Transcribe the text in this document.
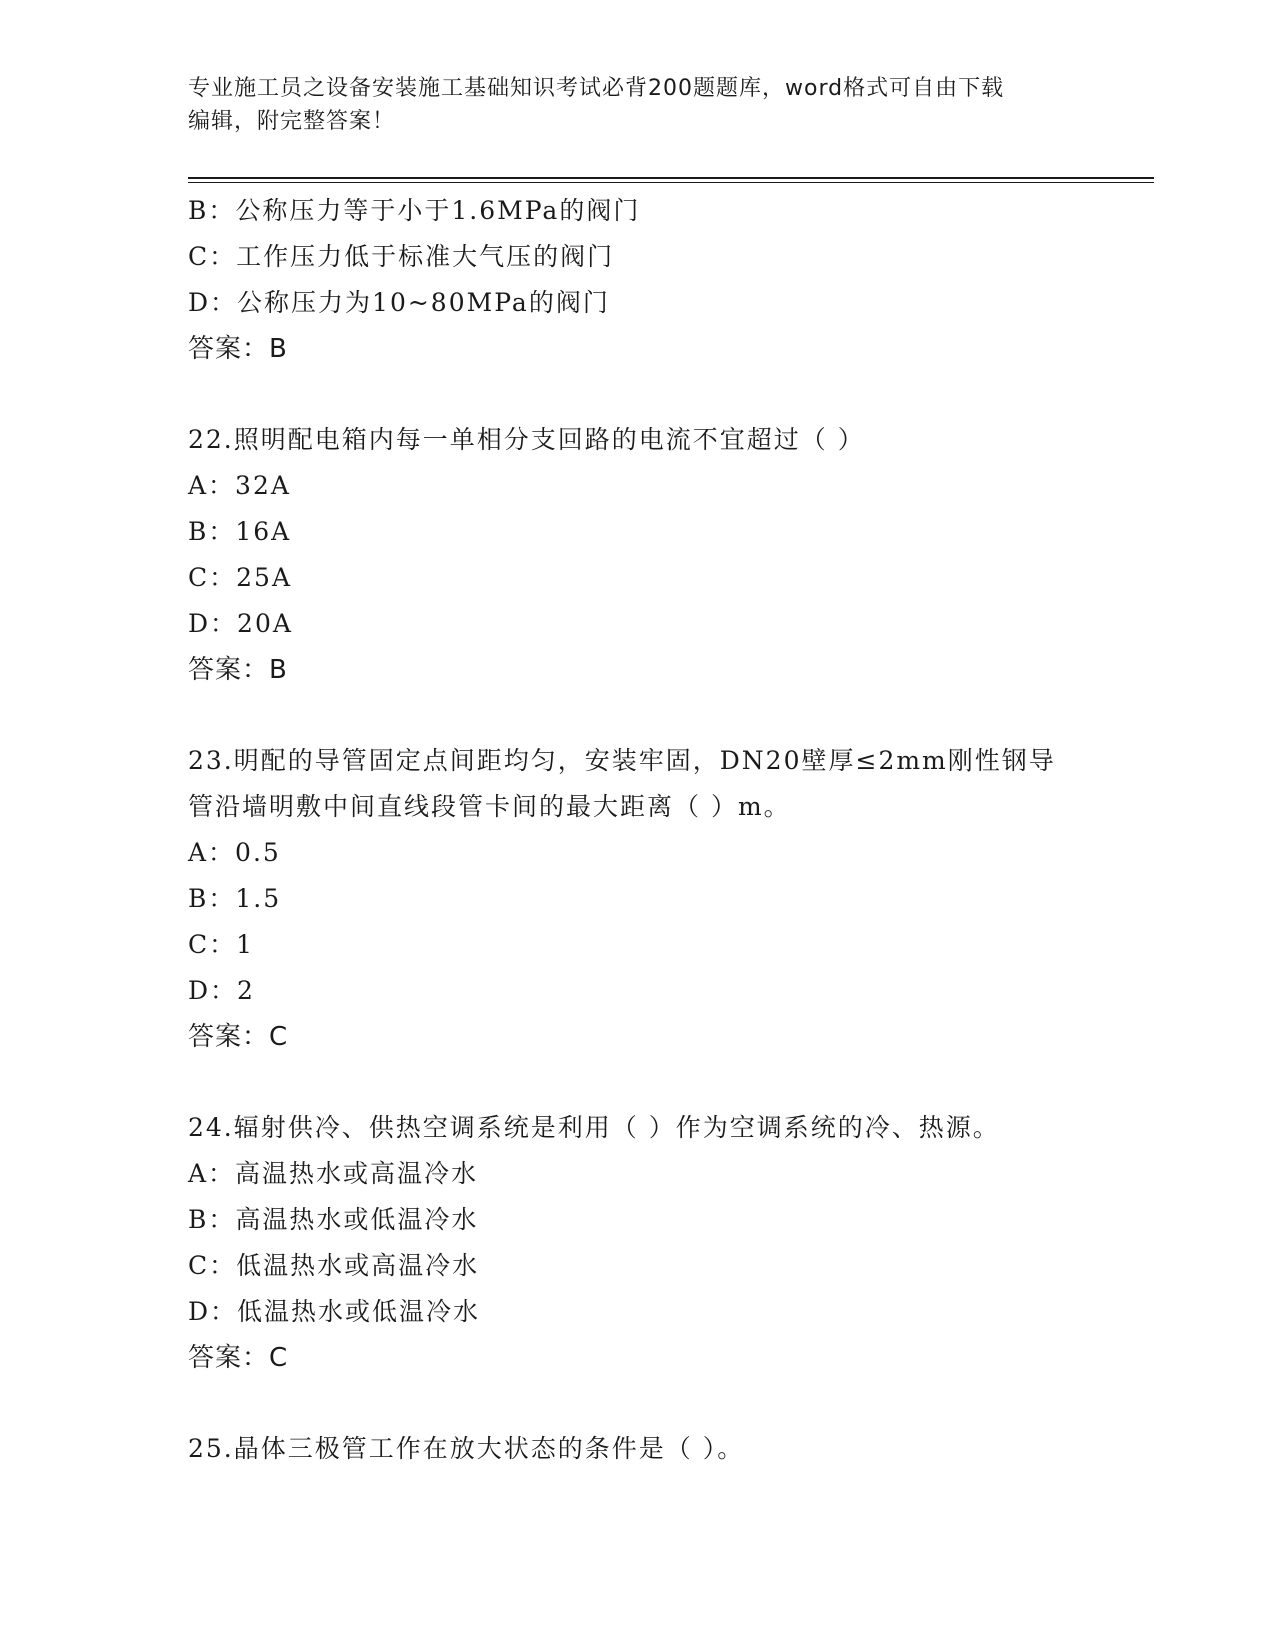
专业施工员之设备安装施工基础知识考试必背200题题库，word格式可自由下载
编辑，附完整答案！
B：公称压力等于小于1.6MPa的阀门
C：工作压力低于标准大气压的阀门
D：公称压力为10~80MPa的阀门
答案：B
22.照明配电箱内每一单相分支回路的电流不宜超过（ ）
A：32A
B：16A
C：25A
D：20A
答案：B
23.明配的导管固定点间距均匀，安装牢固，DN20壁厚≤2mm刚性钢导
管沿墙明敷中间直线段管卡间的最大距离（ ）m。
A：0.5
B：1.5
C：1
D：2
答案：C
24.辐射供冷、供热空调系统是利用（ ）作为空调系统的冷、热源。
A：高温热水或高温冷水
B：高温热水或低温冷水
C：低温热水或高温冷水
D：低温热水或低温冷水
答案：C
25.晶体三极管工作在放大状态的条件是（ ）。
